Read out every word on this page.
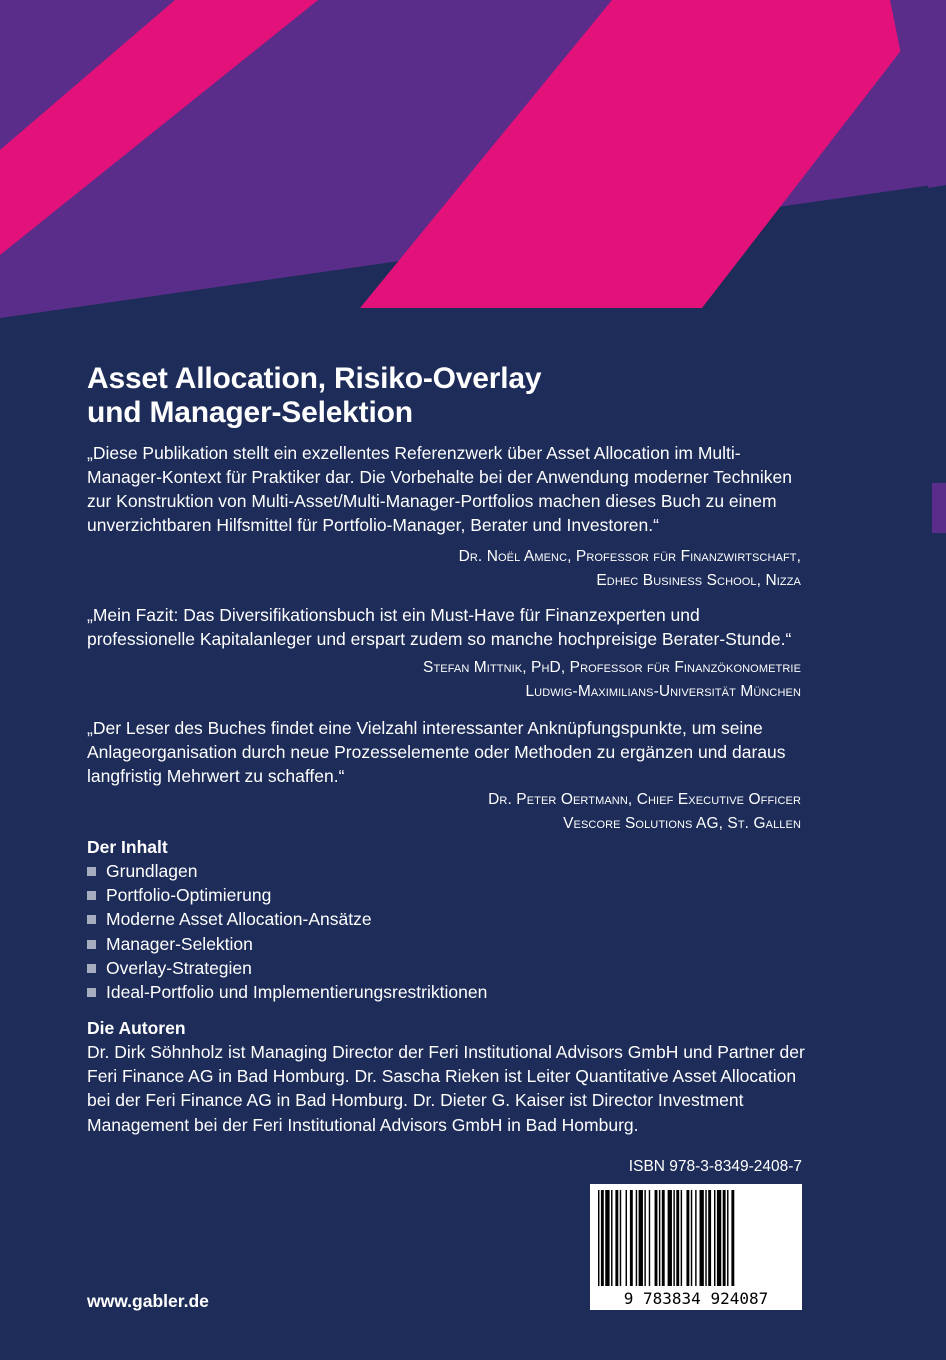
Asset Allocation, Risiko-Overlay
und Manager-Selektion

„Diese Publikation stellt ein exzellentes Referenzwerk über Asset Allocation im Multi-Manager-Kontext für Praktiker dar. Die Vorbehalte bei der Anwendung moderner Techniken zur Konstruktion von Multi-Asset/Multi-Manager-Portfolios machen dieses Buch zu einem unverzichtbaren Hilfsmittel für Portfolio-Manager, Berater und Investoren.“

Dr. Noël Amenc, Professor für Finanzwirtschaft,
Edhec Business School, Nizza

„Mein Fazit: Das Diversifikationsbuch ist ein Must-Have für Finanzexperten und professionelle Kapitalanleger und erspart zudem so manche hochpreisige Berater-Stunde.“

Stefan Mittnik, PhD, Professor für Finanzökonometrie
Ludwig-Maximilians-Universität München

„Der Leser des Buches findet eine Vielzahl interessanter Anknüpfungspunkte, um seine Anlageorganisation durch neue Prozesselemente oder Methoden zu ergänzen und daraus langfristig Mehrwert zu schaffen.“

Dr. Peter Oertmann, Chief Executive Officer
Vescore Solutions AG, St. Gallen
Der Inhalt
Grundlagen
Portfolio-Optimierung
Moderne Asset Allocation-Ansätze
Manager-Selektion
Overlay-Strategien
Ideal-Portfolio und Implementierungsrestriktionen
Die Autoren

Dr. Dirk Söhnholz ist Managing Director der Feri Institutional Advisors GmbH und Partner der Feri Finance AG in Bad Homburg. Dr. Sascha Rieken ist Leiter Quantitative Asset Allocation bei der Feri Finance AG in Bad Homburg. Dr. Dieter G. Kaiser ist Director Investment Management bei der Feri Institutional Advisors GmbH in Bad Homburg.

ISBN 978-3-8349-2408-7
9 783834 924087
www.gabler.de
